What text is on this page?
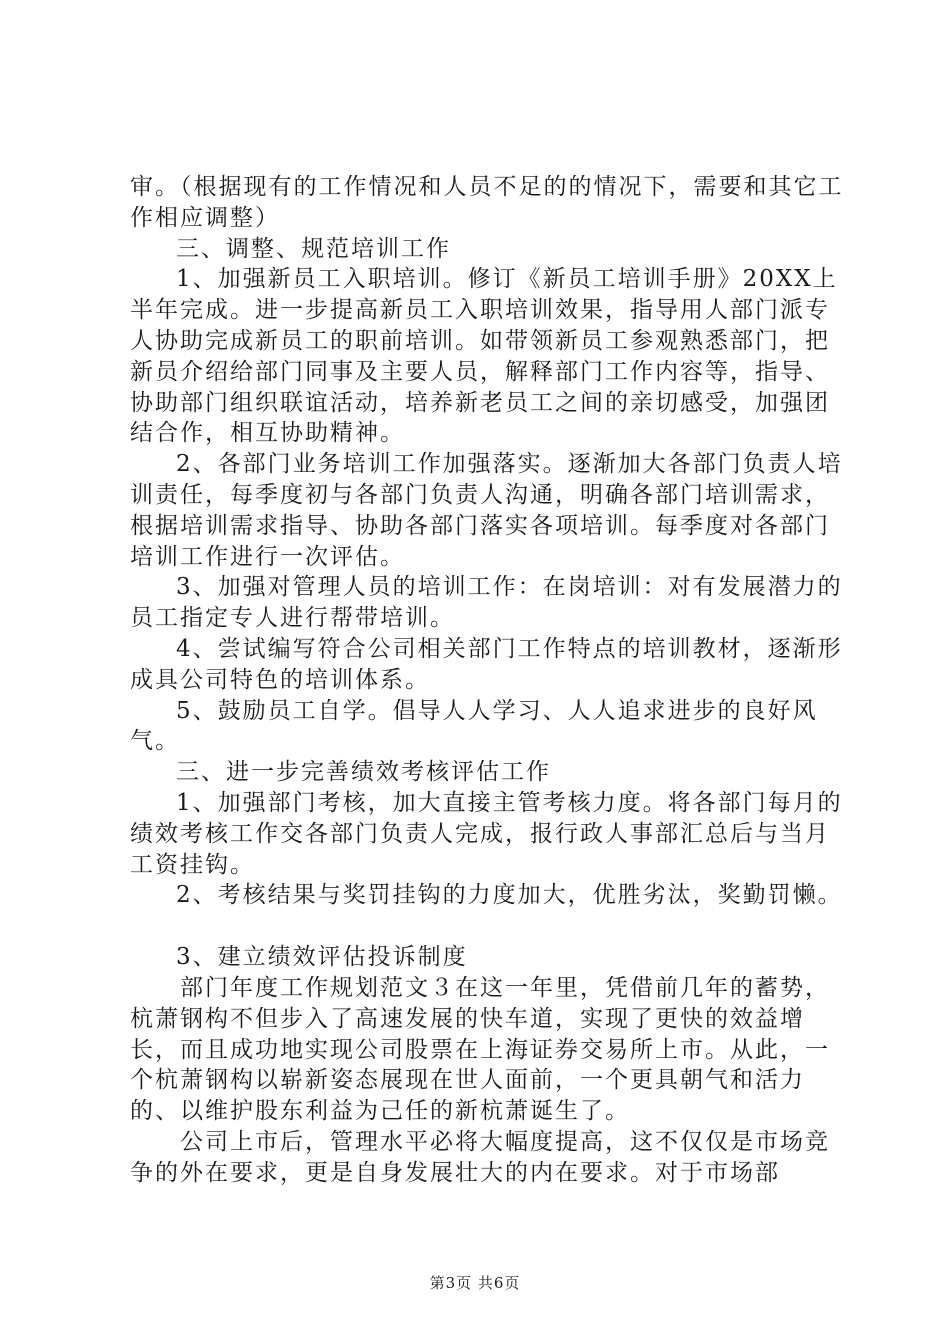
审。（根据现有的工作情况和人员不足的的情况下，需要和其它工作相应调整）

三、调整、规范培训工作

1、加强新员工入职培训。修订《新员工培训手册》20XX上半年完成。进一步提高新员工入职培训效果，指导用人部门派专人协助完成新员工的职前培训。如带领新员工参观熟悉部门，把新员介绍给部门同事及主要人员，解释部门工作内容等，指导、协助部门组织联谊活动，培养新老员工之间的亲切感受，加强团结合作，相互协助精神。

2、各部门业务培训工作加强落实。逐渐加大各部门负责人培训责任，每季度初与各部门负责人沟通，明确各部门培训需求，根据培训需求指导、协助各部门落实各项培训。每季度对各部门培训工作进行一次评估。

3、加强对管理人员的培训工作：在岗培训：对有发展潜力的员工指定专人进行帮带培训。

4、尝试编写符合公司相关部门工作特点的培训教材，逐渐形成具公司特色的培训体系。

5、鼓励员工自学。倡导人人学习、人人追求进步的良好风气。

三、进一步完善绩效考核评估工作

1、加强部门考核，加大直接主管考核力度。将各部门每月的绩效考核工作交各部门负责人完成，报行政人事部汇总后与当月工资挂钩。

2、考核结果与奖罚挂钩的力度加大，优胜劣汰，奖勤罚懒。

3、建立绩效评估投诉制度

部门年度工作规划范文３在这一年里，凭借前几年的蓄势，杭萧钢构不但步入了高速发展的快车道，实现了更快的效益增长，而且成功地实现公司股票在上海证券交易所上市。从此，一个杭萧钢构以崭新姿态展现在世人面前，一个更具朝气和活力的、以维护股东利益为己任的新杭萧诞生了。

公司上市后，管理水平必将大幅度提高，这不仅仅是市场竞争的外在要求，更是自身发展壮大的内在要求。对于市场部

第3页 共6页
